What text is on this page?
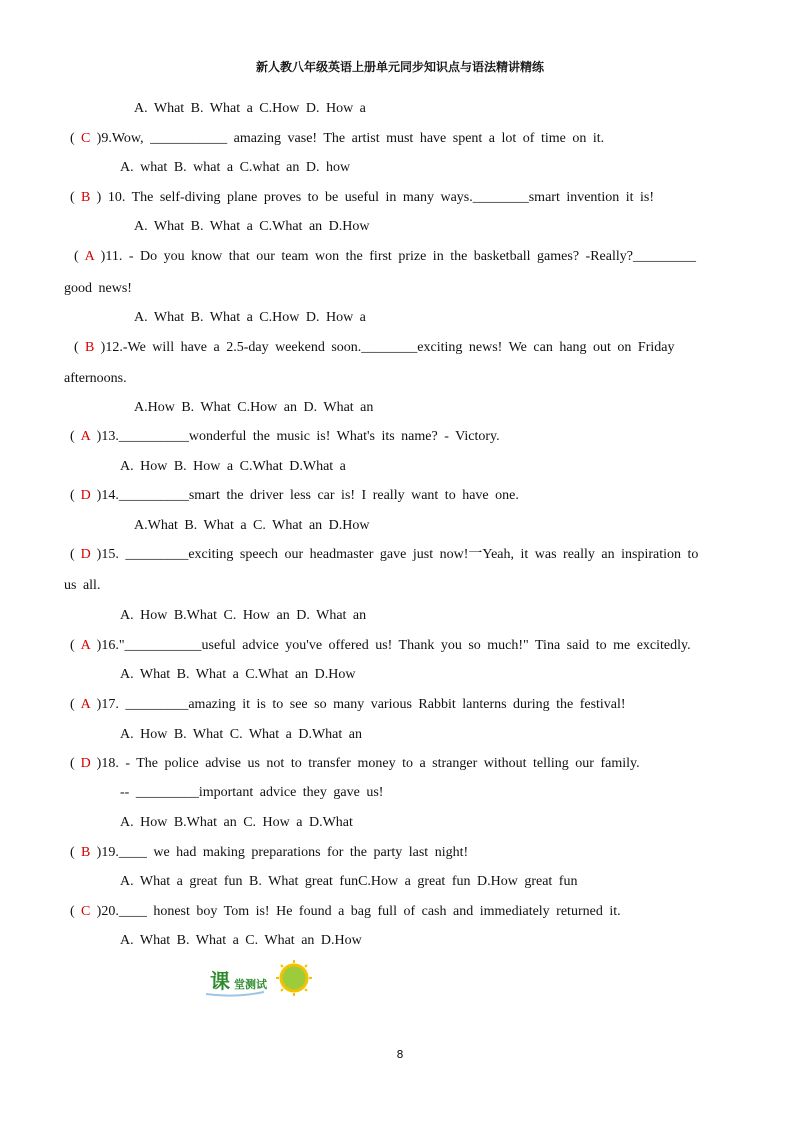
新人教八年级英语上册单元同步知识点与语法精讲精练
A. What B. What a C.How D. How a
( C )9.Wow, ___________ amazing vase! The artist must have spent a lot of time on it.
A. what B. what a C.what an D. how
( B ) 10. The self-diving plane proves to be useful in many ways.________smart invention it is!
A. What B. What a C.What an D.How
( A )11. - Do you know that our team won the first prize in the basketball games? -Really?_________
good news!
A. What B. What a C.How D. How a
( B )12.-We will have a 2.5-day weekend soon.________exciting news! We can hang out on Friday
afternoons.
A.How B. What C.How an D. What an
( A )13.__________wonderful the music is! What's its name? - Victory.
A. How B. How a C.What D.What a
( D )14.__________smart the driver less car is! I really want to have one.
A.What B. What a C. What an D.How
( D )15. _________exciting speech our headmaster gave just now!一Yeah, it was really an inspiration to
us all.
A. How B.What C. How an D. What an
( A )16."___________useful advice you've offered us! Thank you so much!" Tina said to me excitedly.
A. What B. What a C.What an D.How
( A )17. _________amazing it is to see so many various Rabbit lanterns during the festival!
A. How B. What C. What a D.What an
( D )18. - The police advise us not to transfer money to a stranger without telling our family.
-- _________important advice they gave us!
A. How B.What an C. How a D.What
( B )19.____ we had making preparations for the party last night!
A. What a great fun B. What great funC.How a great fun D.How great fun
( C )20.____ honest boy Tom is! He found a bag full of cash and immediately returned it.
A. What B. What a C. What an D.How
课 堂测试
8
